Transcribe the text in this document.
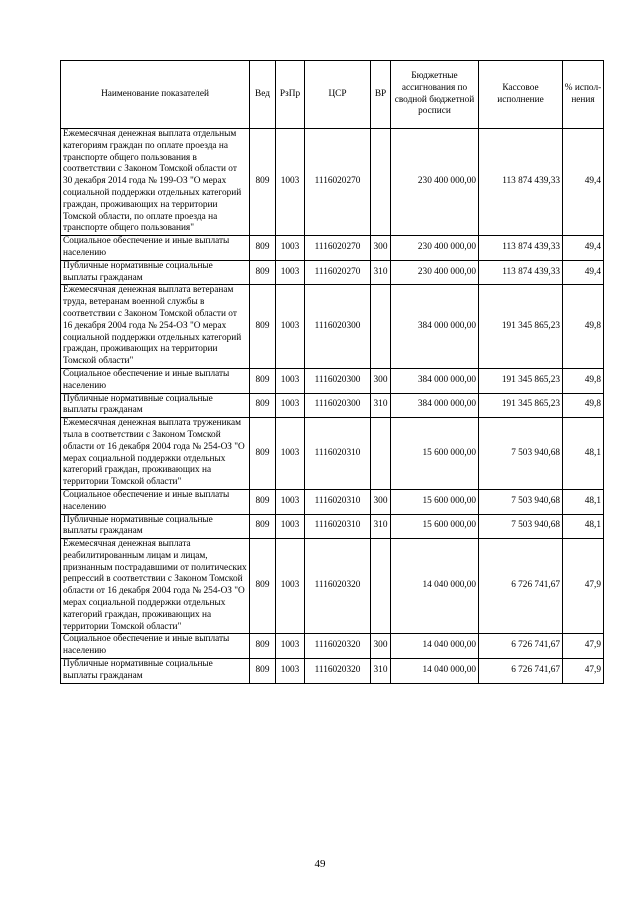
Наименование показателей	Вед	РзПр	ЦСР	ВР	Бюджетные ассигнования по сводной бюджетной росписи	Кассовое исполнение	% испол-нения
Ежемесячная денежная выплата отдельным категориям граждан по оплате проезда на транспорте общего пользования в соответствии с Законом Томской области от 30 декабря 2014 года № 199-ОЗ "О мерах социальной поддержки отдельных категорий граждан, проживающих на территории Томской области, по оплате проезда на транспорте общего пользования"	809	1003	1116020270		230 400 000,00	113 874 439,33	49,4
Социальное обеспечение и иные выплаты населению	809	1003	1116020270	300	230 400 000,00	113 874 439,33	49,4
Публичные нормативные социальные выплаты гражданам	809	1003	1116020270	310	230 400 000,00	113 874 439,33	49,4
Ежемесячная денежная выплата ветеранам труда, ветеранам военной службы в соответствии с Законом Томской области от 16 декабря 2004 года № 254-ОЗ "О мерах социальной поддержки отдельных категорий граждан, проживающих на территории Томской области"	809	1003	1116020300		384 000 000,00	191 345 865,23	49,8
Социальное обеспечение и иные выплаты населению	809	1003	1116020300	300	384 000 000,00	191 345 865,23	49,8
Публичные нормативные социальные выплаты гражданам	809	1003	1116020300	310	384 000 000,00	191 345 865,23	49,8
Ежемесячная денежная выплата труженикам тыла в соответствии с Законом Томской области от 16 декабря 2004 года № 254-ОЗ "О мерах социальной поддержки отдельных категорий граждан, проживающих на территории Томской области"	809	1003	1116020310		15 600 000,00	7 503 940,68	48,1
Социальное обеспечение и иные выплаты населению	809	1003	1116020310	300	15 600 000,00	7 503 940,68	48,1
Публичные нормативные социальные выплаты гражданам	809	1003	1116020310	310	15 600 000,00	7 503 940,68	48,1
Ежемесячная денежная выплата реабилитированным лицам и лицам, признанным пострадавшими от политических репрессий в соответствии с Законом Томской области от 16 декабря 2004 года № 254-ОЗ "О мерах социальной поддержки отдельных категорий граждан, проживающих на территории Томской области"	809	1003	1116020320		14 040 000,00	6 726 741,67	47,9
Социальное обеспечение и иные выплаты населению	809	1003	1116020320	300	14 040 000,00	6 726 741,67	47,9
Публичные нормативные социальные выплаты гражданам	809	1003	1116020320	310	14 040 000,00	6 726 741,67	47,9
49
